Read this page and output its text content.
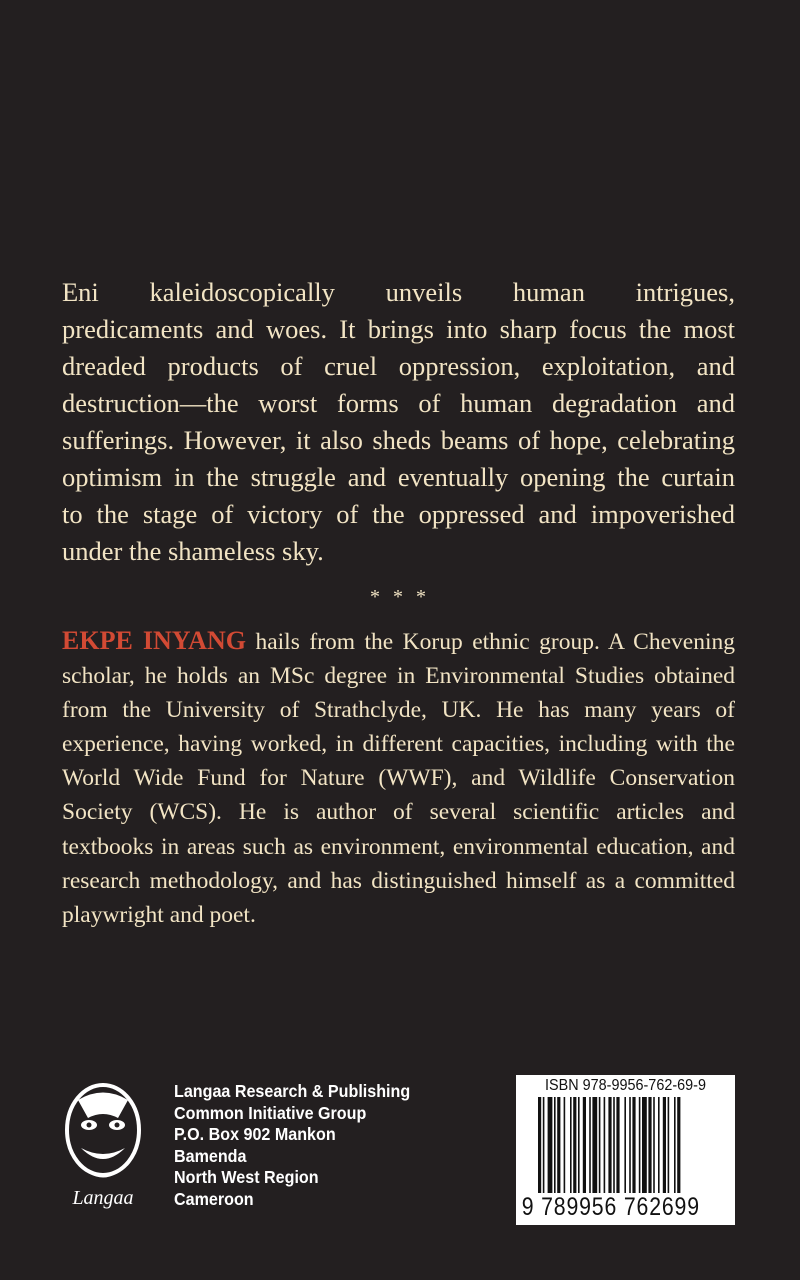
Eni kaleidoscopically unveils human intrigues,
predicaments and woes. It brings into sharp focus the most
dreaded products of cruel oppression, exploitation, and
destruction—the worst forms of human degradation and
sufferings. However, it also sheds beams of hope, celebrating
optimism in the struggle and eventually opening the curtain
to the stage of victory of the oppressed and impoverished
under the shameless sky.
* * *
EKPE INYANG hails from the Korup ethnic group. A Chevening
scholar, he holds an MSc degree in Environmental Studies obtained
from the University of Strathclyde, UK. He has many years of
experience, having worked, in different capacities, including with the
World Wide Fund for Nature (WWF), and Wildlife Conservation
Society (WCS). He is author of several scientific articles and
textbooks in areas such as environment, environmental education, and
research methodology, and has distinguished himself as a committed
playwright and poet.
Langaa
Langaa Research & Publishing
Common Initiative Group
P.O. Box 902 Mankon
Bamenda
North West Region
Cameroon
ISBN 978-9956-762-69-9
9 789956 762699
